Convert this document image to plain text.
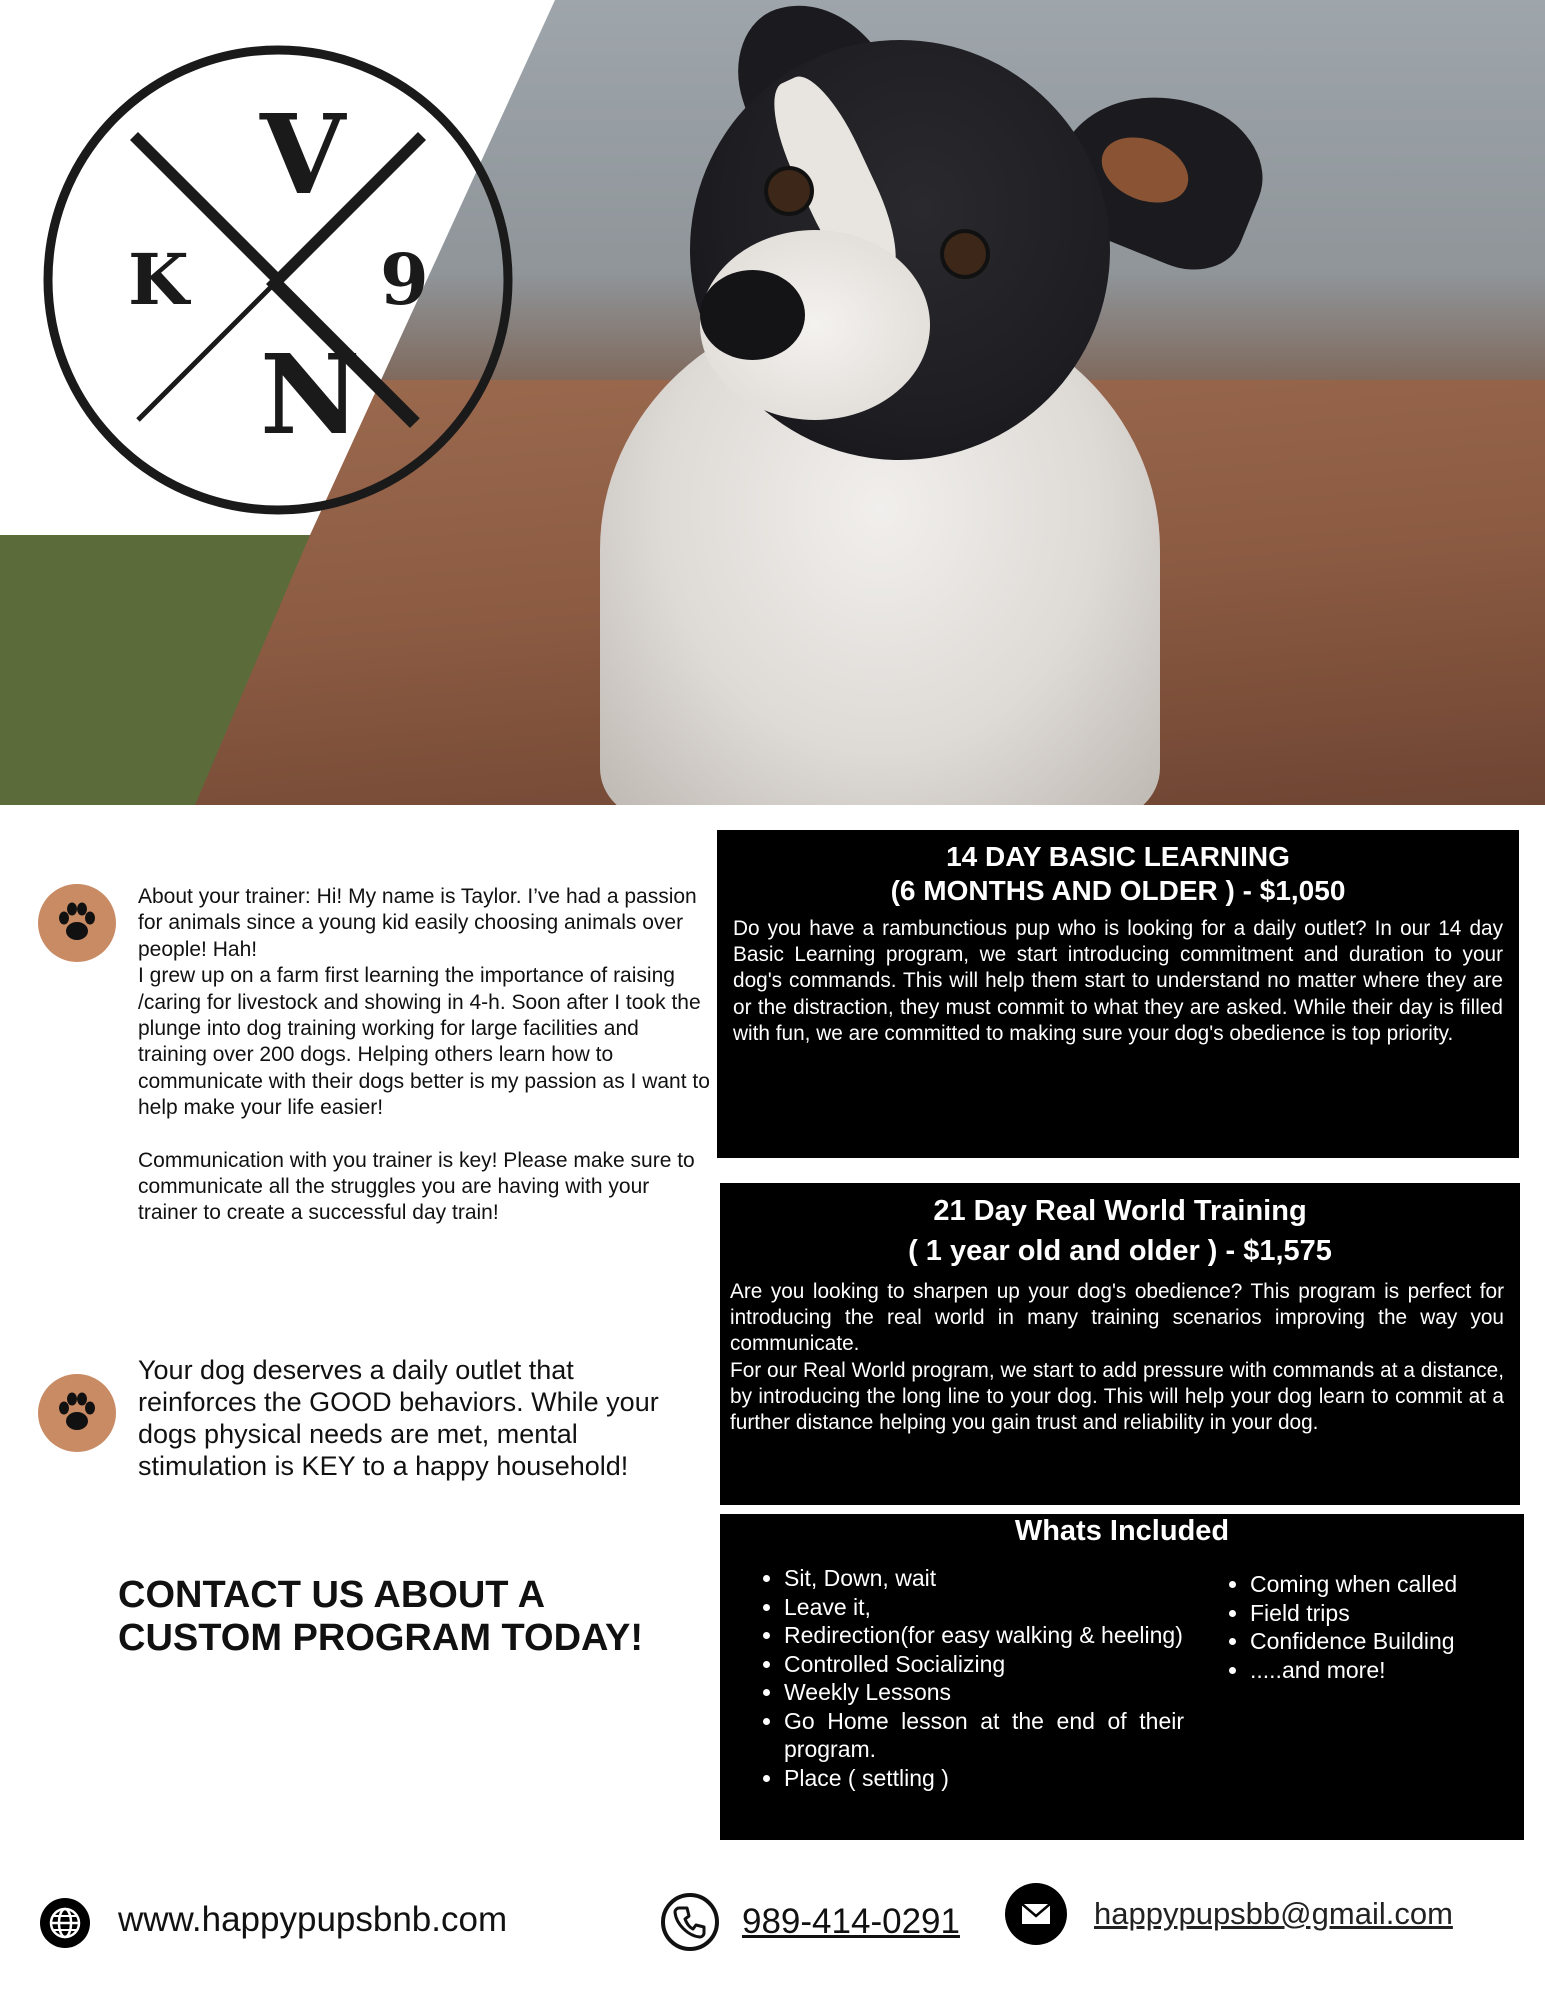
V
N
K	9

About your trainer: Hi! My name is Taylor. I’ve had a passion for animals since a young kid easily choosing animals over people! Hah!
I grew up on a farm first learning the importance of raising /caring for livestock and showing in 4-h. Soon after I took the plunge into dog training working for large facilities and training over 200 dogs. Helping others learn how to communicate with their dogs better is my passion as I want to help make your life easier!

Communication with you trainer is key! Please make sure to communicate all the struggles you are having with your trainer to create a successful day train!

Your dog deserves a daily outlet that reinforces the GOOD behaviors. While your dogs physical needs are met, mental stimulation is KEY to a happy household!

CONTACT US ABOUT A CUSTOM PROGRAM TODAY!

14 DAY BASIC LEARNING
(6 MONTHS AND OLDER ) - $1,050

Do you have a rambunctious pup who is looking for a daily outlet? In our 14 day Basic Learning program, we start introducing commitment and duration to your dog's commands. This will help them start to understand no matter where they are or the distraction, they must commit to what they are asked. While their day is filled with fun, we are committed to making sure your dog's obedience is top priority.

21 Day Real World Training
( 1 year old and older ) - $1,575

Are you looking to sharpen up your dog's obedience? This program is perfect for introducing the real world in many training scenarios improving the way you communicate.

For our Real World program, we start to add pressure with commands at a distance, by introducing the long line to your dog. This will help your dog learn to commit at a further distance helping you gain trust and reliability in your dog.

Whats Included
• Sit, Down, wait
• Leave it,
• Redirection(for easy walking & heeling)
• Controlled Socializing
• Weekly Lessons
• Go Home lesson at the end of their program.
• Place ( settling )
• Coming when called
• Field trips
• Confidence Building
• .....and more!
www.happypupsbnb.com	989-414-0291	happypupsbb@gmail.com
